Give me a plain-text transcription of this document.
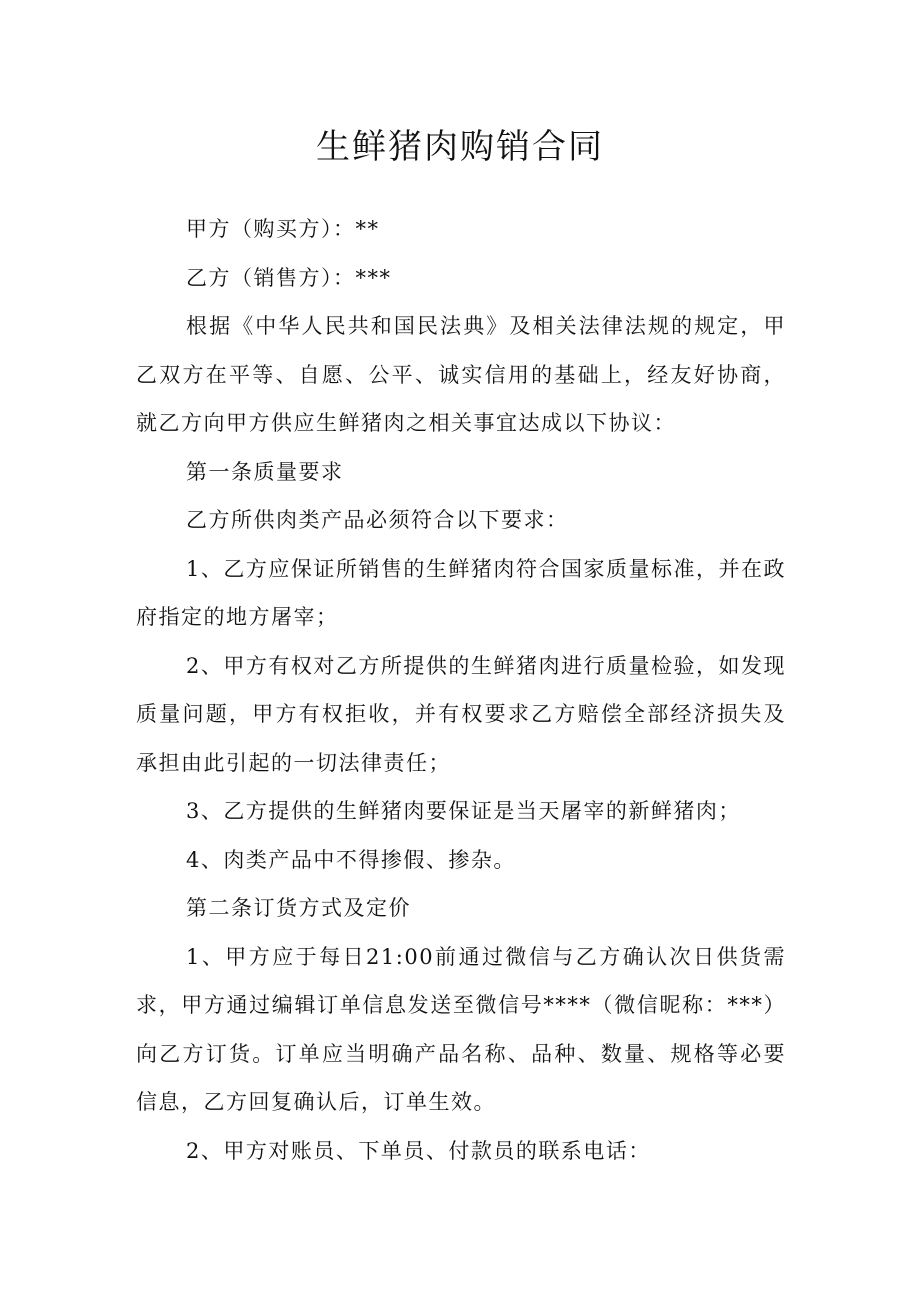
生鲜猪肉购销合同

甲方（购买方）：**

乙方（销售方）：***

根据《中华人民共和国民法典》及相关法律法规的规定，甲乙双方在平等、自愿、公平、诚实信用的基础上，经友好协商，就乙方向甲方供应生鲜猪肉之相关事宜达成以下协议：

第一条质量要求

乙方所供肉类产品必须符合以下要求：

1、乙方应保证所销售的生鲜猪肉符合国家质量标准，并在政府指定的地方屠宰；

2、甲方有权对乙方所提供的生鲜猪肉进行质量检验，如发现质量问题，甲方有权拒收，并有权要求乙方赔偿全部经济损失及承担由此引起的一切法律责任；

3、乙方提供的生鲜猪肉要保证是当天屠宰的新鲜猪肉；

4、肉类产品中不得掺假、掺杂。

第二条订货方式及定价

1、甲方应于每日21:00前通过微信与乙方确认次日供货需求，甲方通过编辑订单信息发送至微信号****（微信昵称：***）向乙方订货。订单应当明确产品名称、品种、数量、规格等必要信息，乙方回复确认后，订单生效。

2、甲方对账员、下单员、付款员的联系电话：
